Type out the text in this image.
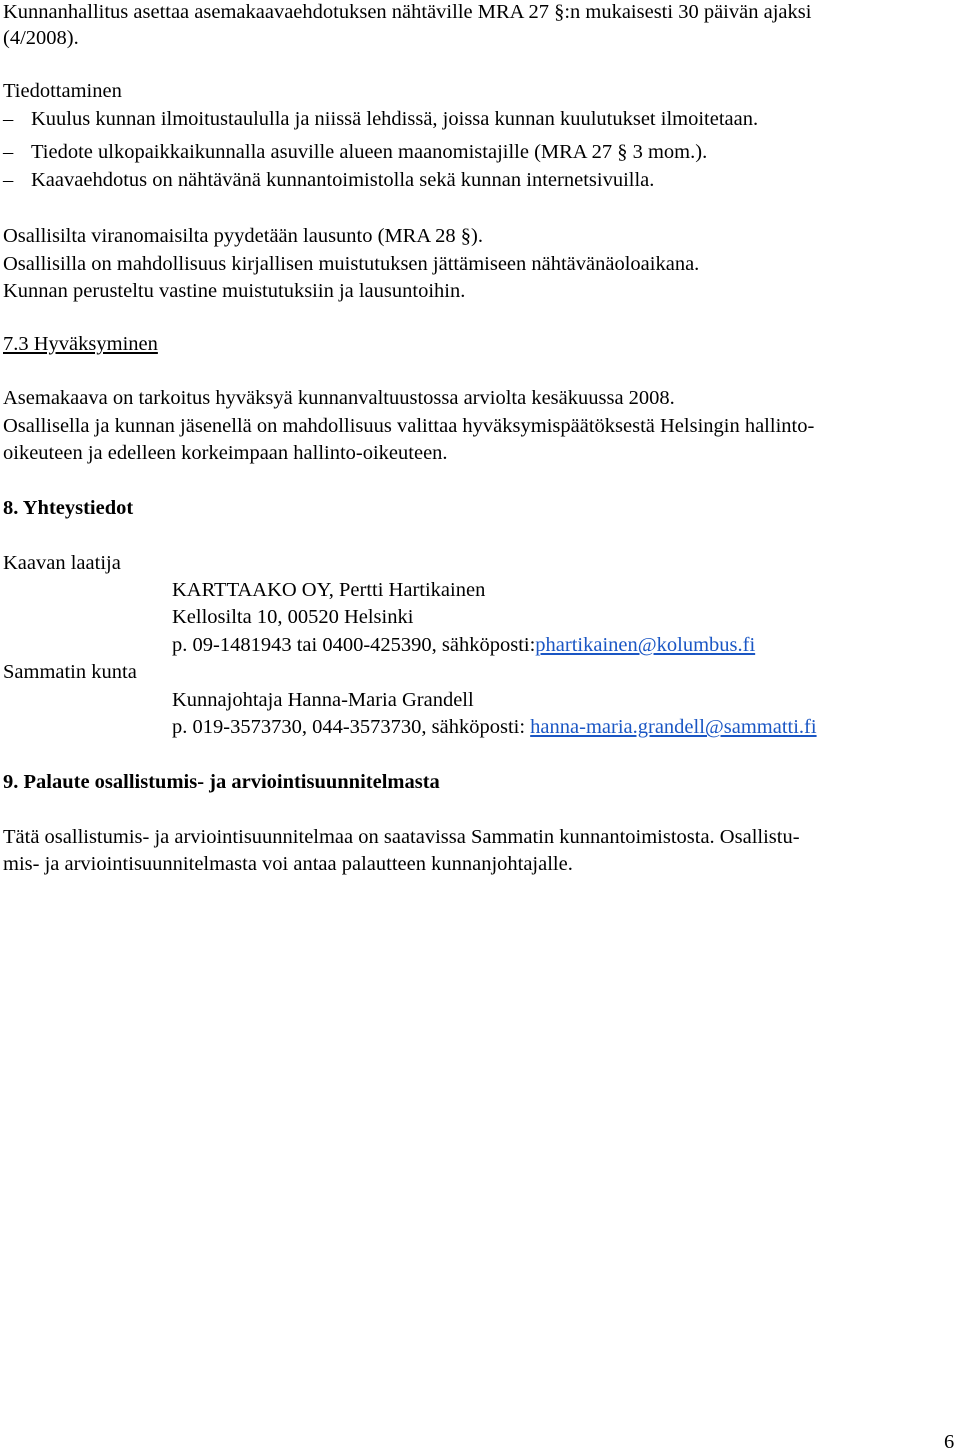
Kunnanhallitus asettaa asemakaavaehdotuksen nähtäville MRA 27 §:n mukaisesti 30 päivän ajaksi
(4/2008).
Tiedottaminen
– Kuulus kunnan ilmoitustaululla ja niissä lehdissä, joissa kunnan kuulutukset ilmoitetaan.
– Tiedote ulkopaikkaikunnalla asuville alueen maanomistajille (MRA 27 § 3 mom.).
– Kaavaehdotus on nähtävänä kunnantoimistolla sekä kunnan internetsivuilla.
Osallisilta viranomaisilta pyydetään lausunto (MRA 28 §).
Osallisilla on mahdollisuus kirjallisen muistutuksen jättämiseen nähtävänäoloaikana.
Kunnan perusteltu vastine muistutuksiin ja lausuntoihin.
7.3 Hyväksyminen
Asemakaava on tarkoitus hyväksyä kunnanvaltuustossa arviolta kesäkuussa 2008.
Osallisella ja kunnan jäsenellä on mahdollisuus valittaa hyväksymispäätöksestä Helsingin hallinto-
oikeuteen ja edelleen korkeimpaan hallinto-oikeuteen.
8. Yhteystiedot
Kaavan laatija
KARTTAAKO OY, Pertti Hartikainen
Kellosilta 10, 00520 Helsinki
p. 09-1481943 tai 0400-425390, sähköposti:phartikainen@kolumbus.fi
Sammatin kunta
Kunnajohtaja Hanna-Maria Grandell
p. 019-3573730, 044-3573730, sähköposti: hanna-maria.grandell@sammatti.fi
9. Palaute osallistumis- ja arviointisuunnitelmasta
Tätä osallistumis- ja arviointisuunnitelmaa on saatavissa Sammatin kunnantoimistosta. Osallistu-
mis- ja arviointisuunnitelmasta voi antaa palautteen kunnanjohtajalle.
6
